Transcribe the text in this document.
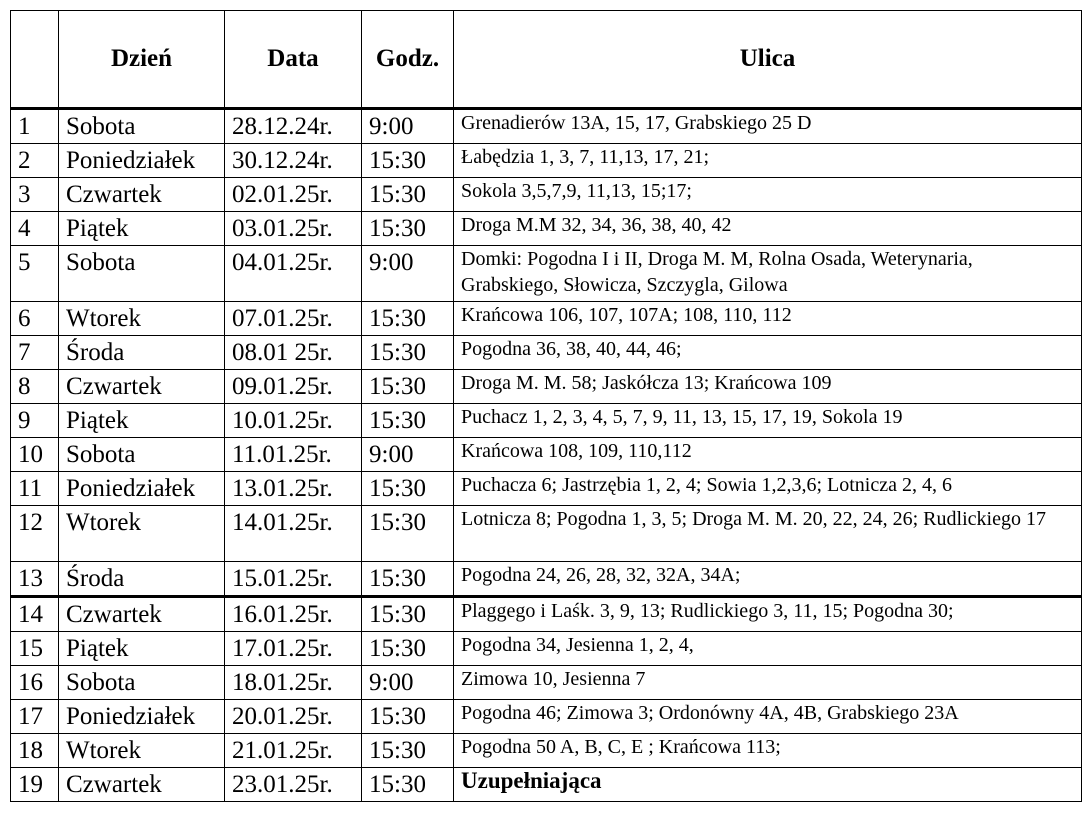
	Dzień	Data	Godz.	Ulica
1	Sobota	28.12.24r.	9:00	Grenadierów 13A, 15, 17, Grabskiego 25 D
2	Poniedziałek	30.12.24r.	15:30	Łabędzia 1, 3, 7, 11,13, 17, 21;
3	Czwartek	02.01.25r.	15:30	Sokola 3,5,7,9, 11,13, 15;17;
4	Piątek	03.01.25r.	15:30	Droga M.M 32, 34, 36, 38, 40, 42
5	Sobota	04.01.25r.	9:00	Domki: Pogodna I i II, Droga M. M, Rolna Osada, Weterynaria, Grabskiego, Słowicza, Szczygla, Gilowa
6	Wtorek	07.01.25r.	15:30	Krańcowa 106, 107, 107A; 108, 110, 112
7	Środa	08.01 25r.	15:30	Pogodna 36, 38, 40, 44, 46;
8	Czwartek	09.01.25r.	15:30	Droga M. M. 58; Jaskółcza 13; Krańcowa 109
9	Piątek	10.01.25r.	15:30	Puchacz 1, 2, 3, 4, 5, 7, 9, 11, 13, 15, 17, 19, Sokola 19
10	Sobota	11.01.25r.	9:00	Krańcowa 108, 109, 110,112
11	Poniedziałek	13.01.25r.	15:30	Puchacza 6; Jastrzębia 1, 2, 4; Sowia 1,2,3,6; Lotnicza 2, 4, 6
12	Wtorek	14.01.25r.	15:30	Lotnicza 8; Pogodna 1, 3, 5; Droga M. M. 20, 22, 24, 26; Rudlickiego 17
13	Środa	15.01.25r.	15:30	Pogodna 24, 26, 28, 32, 32A, 34A;
14	Czwartek	16.01.25r.	15:30	Plaggego i Laśk. 3, 9, 13; Rudlickiego 3, 11, 15; Pogodna 30;
15	Piątek	17.01.25r.	15:30	Pogodna 34, Jesienna 1, 2, 4,
16	Sobota	18.01.25r.	9:00	Zimowa 10, Jesienna 7
17	Poniedziałek	20.01.25r.	15:30	Pogodna 46; Zimowa 3; Ordonówny 4A, 4B, Grabskiego 23A
18	Wtorek	21.01.25r.	15:30	Pogodna 50 A, B, C, E ; Krańcowa 113;
19	Czwartek	23.01.25r.	15:30	Uzupełniająca
